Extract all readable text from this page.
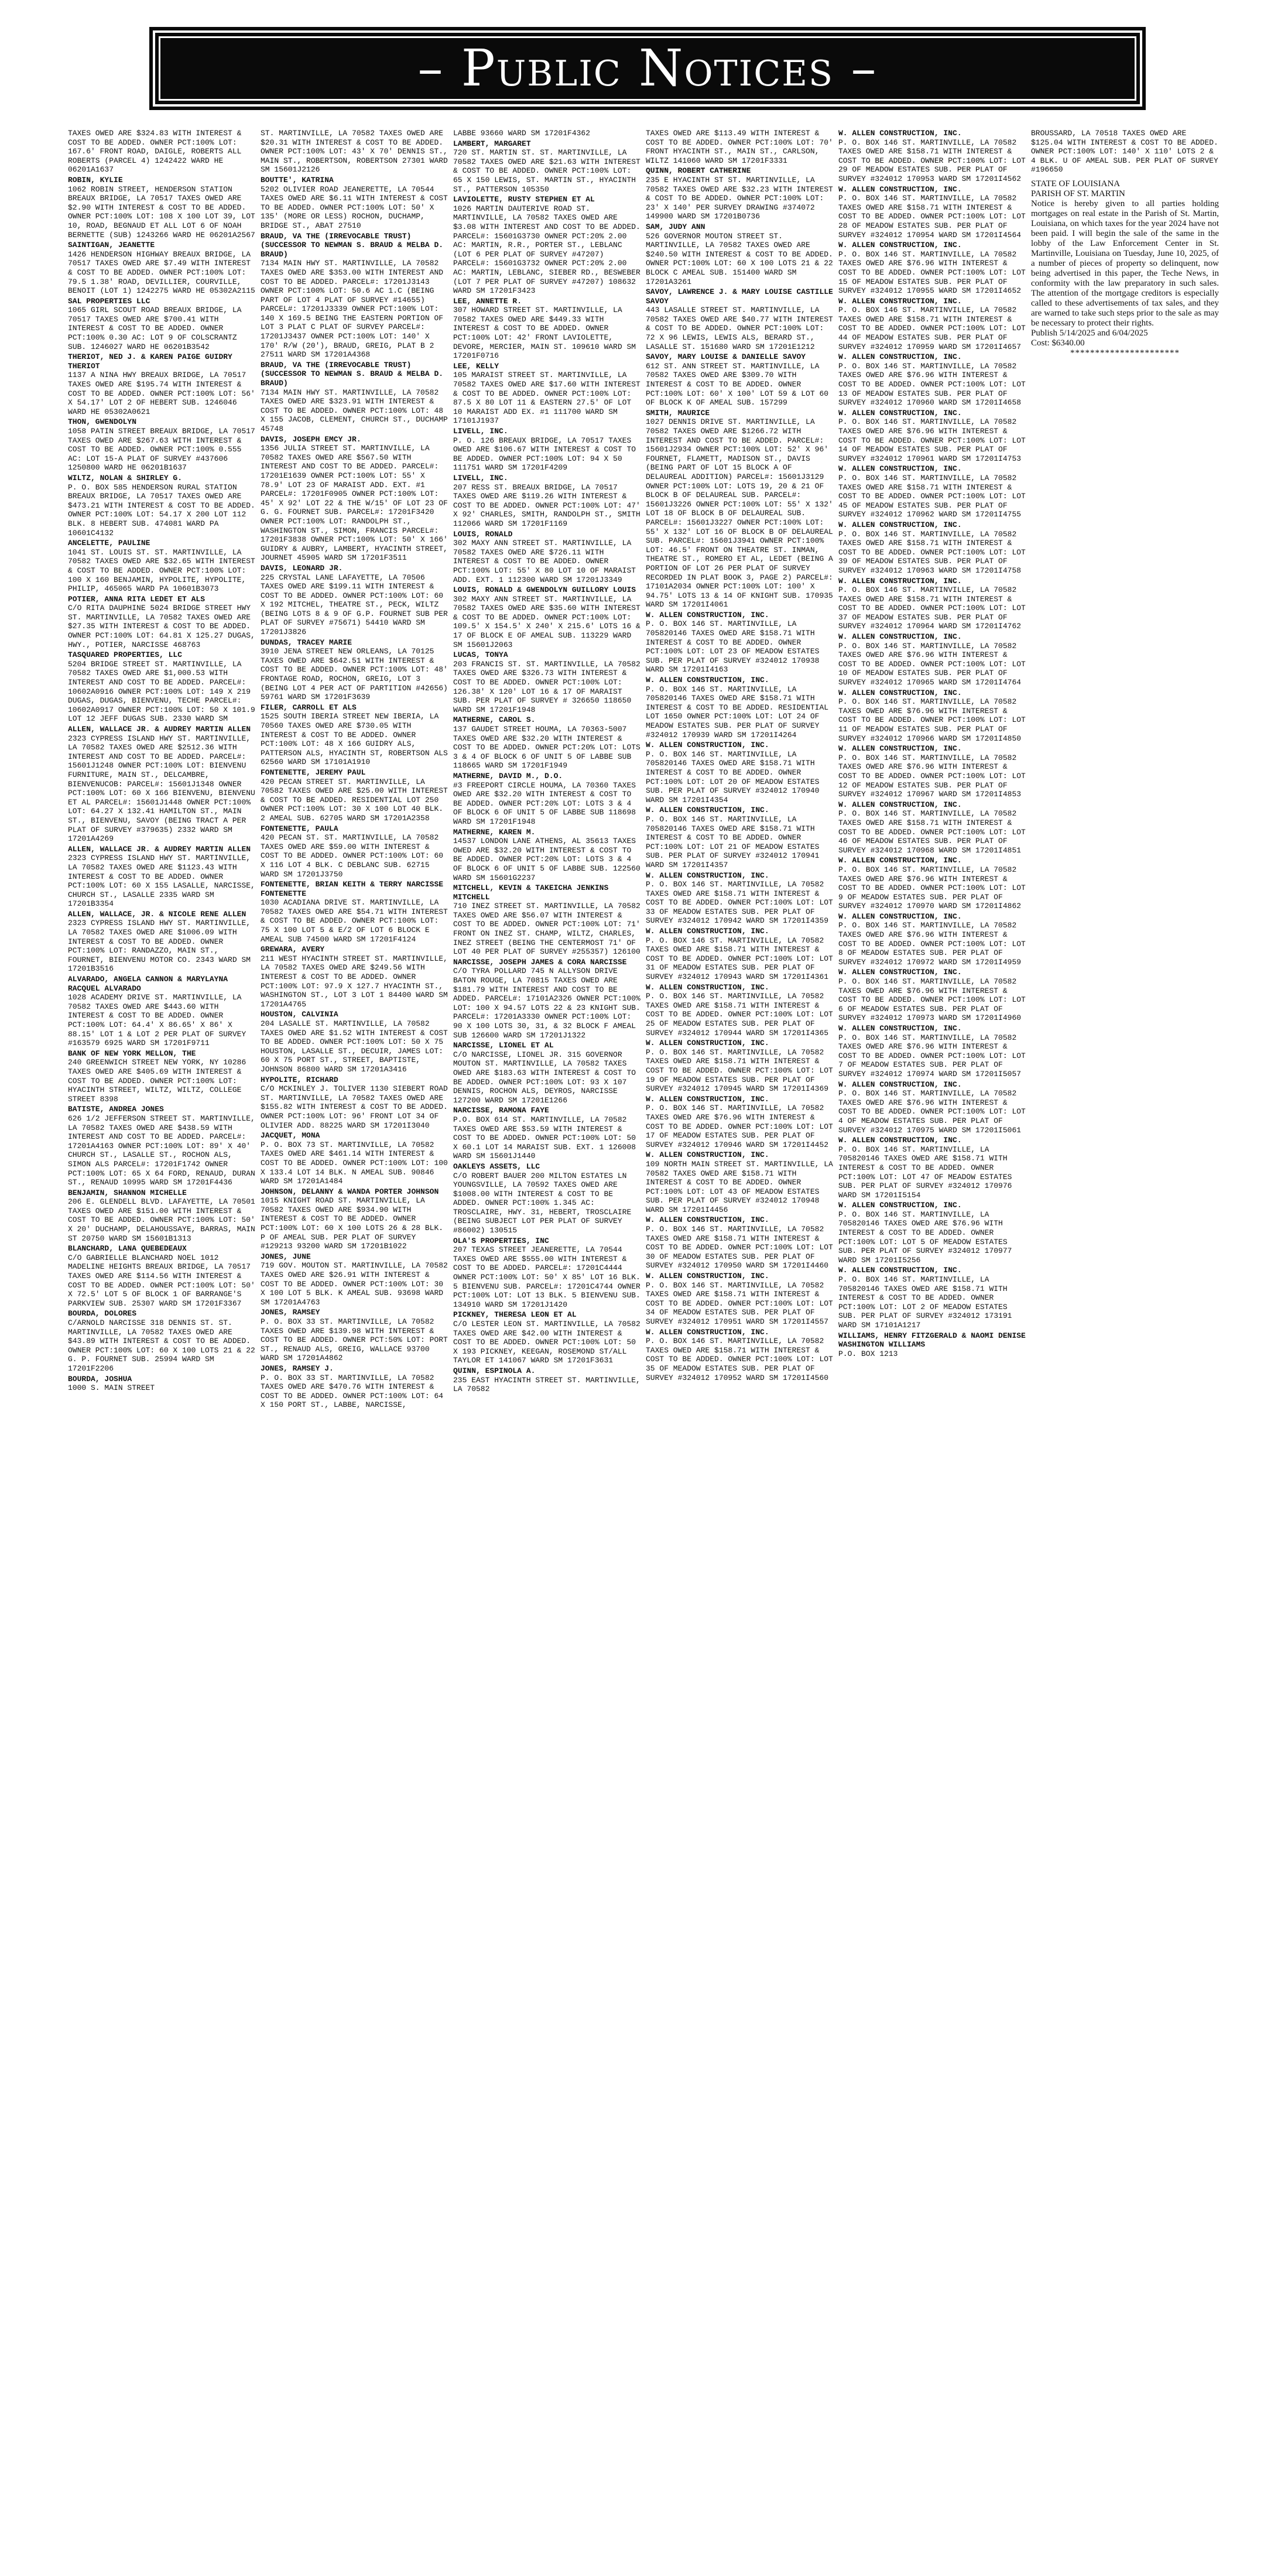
– Public Notices –
TAXES OWED ARE $324.83 WITH INTEREST & COST TO BE ADDED. OWNER PCT:100% LOT: 167.6' FRONT ROAD, DAIGLE, ROBERTS ALL ROBERTS (PARCEL 4) 1242422 WARD HE 06201A1637
ROBIN, KYLIE
1062 ROBIN STREET, HENDERSON STATION BREAUX BRIDGE, LA 70517 TAXES OWED ARE $2.90 WITH INTEREST & COST TO BE ADDED. OWNER PCT:100% LOT: 108 X 100 LOT 39, LOT 10, ROAD, BEGNAUD ET ALL LOT 6 OF NOAH BERNETTE (SUB) 1243266 WARD HE 06201A2567
SAINTIGAN, JEANETTE
1426 HENDERSON HIGHWAY BREAUX BRIDGE, LA 70517 TAXES OWED ARE $7.49 WITH INTEREST & COST TO BE ADDED. OWNER PCT:100% LOT: 79.5 1.38' ROAD, DEVILLIER, COURVILLE, BENOIT (LOT 1) 1242275 WARD HE 05302A2115
SAL PROPERTIES LLC
1065 GIRL SCOUT ROAD BREAUX BRIDGE, LA 70517 TAXES OWED ARE $700.41 WITH INTEREST & COST TO BE ADDED. OWNER PCT:100% 0.30 AC: LOT 9 OF COLSCRANTZ SUB. 1246027 WARD HE 06201B3542
THERIOT, NED J. & KAREN PAIGE GUIDRY THERIOT
1137 A NINA HWY BREAUX BRIDGE, LA 70517 TAXES OWED ARE $195.74 WITH INTEREST & COST TO BE ADDED. OWNER PCT:100% LOT: 56' X 54.17' LOT 2 OF HEBERT SUB. 1246046 WARD HE 05302A0621
THON, GWENDOLYN
1058 PATIN STREET BREAUX BRIDGE, LA 70517 TAXES OWED ARE $267.63 WITH INTEREST & COST TO BE ADDED. OWNER PCT:100% 0.555 AC: LOT 15-A PLAT OF SURVEY #437606 1250800 WARD HE 06201B1637
WILTZ, NOLAN & SHIRLEY G.
P. O. BOX 585 HENDERSON RURAL STATION BREAUX BRIDGE, LA 70517 TAXES OWED ARE $473.21 WITH INTEREST & COST TO BE ADDED. OWNER PCT:100% LOT: 54.17 X 200 LOT 112 BLK. 8 HEBERT SUB. 474081 WARD PA 10601C4132
ANCELETTE, PAULINE
1041 ST. LOUIS ST. ST. MARTINVILLE, LA 70582 TAXES OWED ARE $32.65 WITH INTEREST & COST TO BE ADDED. OWNER PCT:100% LOT: 100 X 160 BENJAMIN, HYPOLITE, HYPOLITE, PHILIP, 465065 WARD PA 10601B3073
POTIER, ANNA RITA LEDET ET ALS
C/O RITA DAUPHINE 5024 BRIDGE STREET HWY ST. MARTINVILLE, LA 70582 TAXES OWED ARE $27.35 WITH INTEREST & COST TO BE ADDED. OWNER PCT:100% LOT: 64.81 X 125.27 DUGAS, HWY., POTIER, NARCISSE 468763
TASQUARED PROPERTIES, LLC
5204 BRIDGE STREET ST. MARTINVILLE, LA 70582 TAXES OWED ARE $1,000.53 WITH INTEREST AND COST TO BE ADDED. PARCEL#: 10602A0916 OWNER PCT:100% LOT: 149 X 219 DUGAS, DUGAS, BIENVENU, TECHE PARCEL#: 10602A0917 OWNER PCT:100% LOT: 50 X 101.9 LOT 12 JEFF DUGAS SUB. 2330 WARD SM
ALLEN, WALLACE JR. & AUDREY MARTIN ALLEN
2323 CYPRESS ISLAND HWY ST. MARTINVILLE, LA 70582 TAXES OWED ARE $2512.36 WITH INTEREST AND COST TO BE ADDED. PARCEL#: 15601J1248 OWNER PCT:100% LOT: BIENVENU FURNITURE, MAIN ST., DELCAMBRE, BIENVENUCOB: PARCEL#: 15601J1348 OWNER PCT:100% LOT: 60 X 166 BIENVENU, BIENVENU ET AL PARCEL#: 15601J1448 OWNER PCT:100% LOT: 64.27 X 132.41 HAMILTON ST., MAIN ST., BIENVENU, SAVOY (BEING TRACT A PER PLAT OF SURVEY #379635) 2332 WARD SM 17201A4269
ALLEN, WALLACE JR. & AUDREY MARTIN ALLEN
2323 CYPRESS ISLAND HWY ST. MARTINVILLE, LA 70582 TAXES OWED ARE $1123.43 WITH INTEREST & COST TO BE ADDED. OWNER PCT:100% LOT: 60 X 155 LASALLE, NARCISSE, CHURCH ST., LASALLE 2335 WARD SM 17201B3354
ALLEN, WALLACE, JR. & NICOLE RENE ALLEN
2323 CYPRESS ISLAND HWY ST. MARTINVILLE, LA 70582 TAXES OWED ARE $1006.09 WITH INTEREST & COST TO BE ADDED. OWNER PCT:100% LOT: RANDAZZO, MAIN ST., FOURNET, BIENVENU MOTOR CO. 2343 WARD SM 17201B3516
ALVARADO, ANGELA CANNON & MARYLAYNA RACQUEL ALVARADO
1028 ACADEMY DRIVE ST. MARTINVILLE, LA 70582 TAXES OWED ARE $443.60 WITH INTEREST & COST TO BE ADDED. OWNER PCT:100% LOT: 64.4' X 86.65' X 86' X 88.15' LOT 1 & LOT 2 PER PLAT OF SURVEY #163579 6925 WARD SM 17201F9711
BANK OF NEW YORK MELLON, THE
240 GREENWICH STREET NEW YORK, NY 10286 TAXES OWED ARE $405.69 WITH INTEREST & COST TO BE ADDED. OWNER PCT:100% LOT: HYACINTH STREET, WILTZ, WILTZ, COLLEGE STREET 8398
BATISTE, ANDREA JONES
626 1/2 JEFFERSON STREET ST. MARTINVILLE, LA 70582 TAXES OWED ARE $438.59 WITH INTEREST AND COST TO BE ADDED. PARCEL#: 17201A4163 OWNER PCT:100% LOT: 89' X 40' CHURCH ST., LASALLE ST., ROCHON ALS, SIMON ALS PARCEL#: 17201F1742 OWNER PCT:100% LOT: 65 X 64 FORD, RENAUD, DURAN ST., RENAUD 10995 WARD SM 17201F4436
BENJAMIN, SHANNON MICHELLE
206 E. GLENDELL BLVD. LAFAYETTE, LA 70501 TAXES OWED ARE $151.00 WITH INTEREST & COST TO BE ADDED. OWNER PCT:100% LOT: 50' X 20' DUCHAMP, DELAHOUSSAYE, BARRAS, MAIN ST 20750 WARD SM 15601B1313
BLANCHARD, LANA QUEBEDEAUX
C/O GABRIELLE BLANCHARD NOEL 1012 MADELINE HEIGHTS BREAUX BRIDGE, LA 70517 TAXES OWED ARE $114.56 WITH INTEREST & COST TO BE ADDED. OWNER PCT:100% LOT: 50' X 72.5' LOT 5 OF BLOCK 1 OF BARRANGE'S PARKVIEW SUB. 25307 WARD SM 17201F3367
BOURDA, DOLORES
C/ARNOLD NARCISSE 318 DENNIS ST. ST. MARTINVILLE, LA 70582 TAXES OWED ARE $43.89 WITH INTEREST & COST TO BE ADDED. OWNER PCT:100% LOT: 60 X 100 LOTS 21 & 22 G. P. FOURNET SUB. 25994 WARD SM 17201F2206
BOURDA, JOSHUA
1000 S. MAIN STREET
ST. MARTINVILLE, LA 70582 TAXES OWED ARE $20.31 WITH INTEREST & COST TO BE ADDED. OWNER PCT:100% LOT: 43' X 70' DENNIS ST., MAIN ST., ROBERTSON, ROBERTSON 27301 WARD SM 15601J2126
BOUTTE', KATRINA
5202 OLIVIER ROAD JEANERETTE, LA 70544 TAXES OWED ARE $6.11 WITH INTEREST & COST TO BE ADDED. OWNER PCT:100% LOT: 50' X 135' (MORE OR LESS) ROCHON, DUCHAMP, BRIDGE ST., ABAT 27510
BRAUD, VA THE (IRREVOCABLE TRUST) (SUCCESSOR TO NEWMAN S. BRAUD & MELBA D. BRAUD)
7134 MAIN HWY ST. MARTINVILLE, LA 70582 TAXES OWED ARE $353.00 WITH INTEREST AND COST TO BE ADDED. PARCEL#: 17201J3143 OWNER PCT:100% LOT: 50.6 AC 1.C (BEING PART OF LOT 4 PLAT OF SURVEY #14655) PARCEL#: 17201J3339 OWNER PCT:100% LOT: 140 X 169.5 BEING THE EASTERN PORTION OF LOT 3 PLAT C PLAT OF SURVEY PARCEL#: 17201J3437 OWNER PCT:100% LOT: 140' X 170' R/W (20'), BRAUD, GREIG, PLAT B 2 27511 WARD SM 17201A4368
BRAUD, VA THE (IRREVOCABLE TRUST) (SUCCESSOR TO NEWMAN S. BRAUD & MELBA D. BRAUD)
7134 MAIN HWY ST. MARTINVILLE, LA 70582 TAXES OWED ARE $323.91 WITH INTEREST & COST TO BE ADDED. OWNER PCT:100% LOT: 48 X 155 JACOB, CLEMENT, CHURCH ST., DUCHAMP 45748
DAVIS, JOSEPH EMCY JR.
1356 JULIA STREET ST. MARTINVILLE, LA 70582 TAXES OWED ARE $567.50 WITH INTEREST AND COST TO BE ADDED. PARCEL#: 17201E1639 OWNER PCT:100% LOT: 55' X 78.9' LOT 23 OF MARAIST ADD. EXT. #1 PARCEL#: 17201F0905 OWNER PCT:100% LOT: 45' X 92' LOT 22 & THE W/15' OF LOT 23 OF G. G. FOURNET SUB. PARCEL#: 17201F3420 OWNER PCT:100% LOT: RANDOLPH ST., WASHINGTON ST., SIMON, FRANCIS PARCEL#: 17201F3838 OWNER PCT:100% LOT: 50' X 166' GUIDRY & AUBRY, LAMBERT, HYACINTH STREET, JOURNET 45905 WARD SM 17201F3511
DAVIS, LEONARD JR.
225 CRYSTAL LANE LAFAYETTE, LA 70506 TAXES OWED ARE $199.11 WITH INTEREST & COST TO BE ADDED. OWNER PCT:100% LOT: 60 X 192 MITCHEL, THEATRE ST., PECK, WILTZ (BEING LOTS 8 & 9 OF G.P. FOURNET SUB PER PLAT OF SURVEY #75671) 54410 WARD SM 17201J3826
DUNDAS, TRACEY MARIE
3910 JENA STREET NEW ORLEANS, LA 70125 TAXES OWED ARE $642.51 WITH INTEREST & COST TO BE ADDED. OWNER PCT:100% LOT: 48' FRONTAGE ROAD, ROCHON, GREIG, LOT 3 (BEING LOT 4 PER ACT OF PARTITION #42656) 59761 WARD SM 17201F3639
FILER, CARROLL ET ALS
1525 SOUTH IBERIA STREET NEW IBERIA, LA 70560 TAXES OWED ARE $730.05 WITH INTEREST & COST TO BE ADDED. OWNER PCT:100% LOT: 48 X 166 GUIDRY ALS, PATTERSON ALS, HYACINTH ST, ROBERTSON ALS 62560 WARD SM 17101A1910
FONTENETTE, JEREMY PAUL
420 PECAN STREET ST. MARTINVILLE, LA 70582 TAXES OWED ARE $25.00 WITH INTEREST & COST TO BE ADDED. RESIDENTIAL LOT 250 OWNER PCT:100% LOT: 30 X 100 LOT 40 BLK. 2 AMEAL SUB. 62705 WARD SM 17201A2358
FONTENETTE, PAULA
420 PECAN ST. ST. MARTINVILLE, LA 70582 TAXES OWED ARE $59.00 WITH INTEREST & COST TO BE ADDED. OWNER PCT:100% LOT: 60 X 116 LOT 4 BLK. C DEBLANC SUB. 62715 WARD SM 17201J3750
FONTENETTE, BRIAN KEITH & TERRY NARCISSE FONTENETTE
1030 ACADIANA DRIVE ST. MARTINVILLE, LA 70582 TAXES OWED ARE $54.71 WITH INTEREST & COST TO BE ADDED. OWNER PCT:100% LOT: 75 X 100 LOT 5 & E/2 OF LOT 6 BLOCK E AMEAL SUB 74500 WARD SM 17201F4124
GREWARA, AVERY
211 WEST HYACINTH STREET ST. MARTINVILLE, LA 70582 TAXES OWED ARE $249.56 WITH INTEREST & COST TO BE ADDED. OWNER PCT:100% LOT: 97.9 X 127.7 HYACINTH ST., WASHINGTON ST., LOT 3 LOT 1 84400 WARD SM 17201A4765
HOUSTON, CALVINIA
204 LASALLE ST. MARTINVILLE, LA 70582 TAXES OWED ARE $1.52 WITH INTEREST & COST TO BE ADDED. OWNER PCT:100% LOT: 50 X 75 HOUSTON, LASALLE ST., DECUIR, JAMES LOT: 60 X 75 PORT ST., STREET, BAPTISTE, JOHNSON 86800 WARD SM 17201A3416
HYPOLITE, RICHARD
C/O MCKINLEY J. TOLIVER 1130 SIEBERT ROAD ST. MARTINVILLE, LA 70582 TAXES OWED ARE $155.82 WITH INTEREST & COST TO BE ADDED. OWNER PCT:100% LOT: 96' FRONT LOT 34 OF OLIVIER ADD. 88225 WARD SM 17201I3040
JACQUET, MONA
P. O. BOX 73 ST. MARTINVILLE, LA 70582 TAXES OWED ARE $461.14 WITH INTEREST & COST TO BE ADDED. OWNER PCT:100% LOT: 100 X 133.4 LOT 14 BLK. N AMEAL SUB. 90846 WARD SM 17201A1484
JOHNSON, DELANNY & WANDA PORTER JOHNSON
1015 KNIGHT ROAD ST. MARTINVILLE, LA 70582 TAXES OWED ARE $934.90 WITH INTEREST & COST TO BE ADDED. OWNER PCT:100% LOT: 60 X 100 LOTS 26 & 28 BLK. P OF AMEAL SUB. PER PLAT OF SURVEY #129213 93200 WARD SM 17201B1022
JONES, JUNE
719 GOV. MOUTON ST. MARTINVILLE, LA 70582 TAXES OWED ARE $26.91 WITH INTEREST & COST TO BE ADDED. OWNER PCT:100% LOT: 30 X 100 LOT 5 BLK. K AMEAL SUB. 93698 WARD SM 17201A4763
JONES, RAMSEY
P. O. BOX 33 ST. MARTINVILLE, LA 70582 TAXES OWED ARE $139.98 WITH INTEREST & COST TO BE ADDED. OWNER PCT:50% LOT: PORT ST., RENAUD ALS, GREIG, WALLACE 93700 WARD SM 17201A4862
JONES, RAMSEY J.
P. O. BOX 33 ST. MARTINVILLE, LA 70582 TAXES OWED ARE $470.76 WITH INTEREST & COST TO BE ADDED. OWNER PCT:100% LOT: 64 X 150 PORT ST., LABBE, NARCISSE,
LABBE 93660 WARD SM 17201F4362
LAMBERT, MARGARET
720 ST. MARTIN ST. ST. MARTINVILLE, LA 70582 TAXES OWED ARE $21.63 WITH INTEREST & COST TO BE ADDED. OWNER PCT:100% LOT: 65 X 150 LEWIS, ST. MARTIN ST., HYACINTH ST., PATTERSON 105350
LAVIOLETTE, RUSTY STEPHEN ET AL
1026 MARTIN DAUTERIVE ROAD ST. MARTINVILLE, LA 70582 TAXES OWED ARE $3.08 WITH INTEREST AND COST TO BE ADDED. PARCEL#: 15601G3730 OWNER PCT:20% 2.00 AC: MARTIN, R.R., PORTER ST., LEBLANC (LOT 6 PER PLAT OF SURVEY #47207) PARCEL#: 15601G3732 OWNER PCT:20% 2.00 AC: MARTIN, LEBLANC, SIEBER RD., BESWEBER (LOT 7 PER PLAT OF SURVEY #47207) 108632 WARD SM 17201F3423
LEE, ANNETTE R.
307 HOWARD STREET ST. MARTINVILLE, LA 70582 TAXES OWED ARE $449.33 WITH INTEREST & COST TO BE ADDED. OWNER PCT:100% LOT: 42' FRONT LAVIOLETTE, DEVORE, MERCIER, MAIN ST. 109610 WARD SM 17201F0716
LEE, KELLY
105 MARAIST STREET ST. MARTINVILLE, LA 70582 TAXES OWED ARE $17.60 WITH INTEREST & COST TO BE ADDED. OWNER PCT:100% LOT: 87.5 X 80 LOT 11 & EASTERN 27.5' OF LOT 10 MARAIST ADD EX. #1 111700 WARD SM 17101J1937
LIVELL, INC.
P. O. 126 BREAUX BRIDGE, LA 70517 TAXES OWED ARE $106.67 WITH INTEREST & COST TO BE ADDED. OWNER PCT:100% LOT: 94 X 50 111751 WARD SM 17201F4209
LIVELL, INC.
207 RESS ST. BREAUX BRIDGE, LA 70517 TAXES OWED ARE $119.26 WITH INTEREST & COST TO BE ADDED. OWNER PCT:100% LOT: 47' X 92' CHARLES, SMITH, RANDOLPH ST., SMITH 112066 WARD SM 17201F1169
LOUIS, RONALD
302 MAXY ANN STREET ST. MARTINVILLE, LA 70582 TAXES OWED ARE $726.11 WITH INTEREST & COST TO BE ADDED. OWNER PCT:100% LOT: 55' X 80 LOT 10 OF MARAIST ADD. EXT. 1 112300 WARD SM 17201J3349
LOUIS, RONALD & GWENDOLYN GUILLORY LOUIS
302 MAXY ANN STREET ST. MARTINVILLE, LA 70582 TAXES OWED ARE $35.60 WITH INTEREST & COST TO BE ADDED. OWNER PCT:100% LOT: 109.5' X 154.5' X 240' X 215.6' LOTS 16 & 17 OF BLOCK E OF AMEAL SUB. 113229 WARD SM 15601J2063
LUCAS, TONYA
203 FRANCIS ST. ST. MARTINVILLE, LA 70582 TAXES OWED ARE $326.73 WITH INTEREST & COST TO BE ADDED. OWNER PCT:100% LOT: 126.38' X 120' LOT 16 & 17 OF MARAIST SUB. PER PLAT OF SURVEY # 326650 118650 WARD SM 17201F1948
MATHERNE, CAROL S.
137 GAUDET STREET HOUMA, LA 70363-5007 TAXES OWED ARE $32.20 WITH INTEREST & COST TO BE ADDED. OWNER PCT:20% LOT: LOTS 3 & 4 OF BLOCK 6 OF UNIT 5 OF LABBE SUB 118665 WARD SM 17201F1949
MATHERNE, DAVID M., D.O.
#3 FREEPORT CIRCLE HOUMA, LA 70360 TAXES OWED ARE $32.20 WITH INTEREST & COST TO BE ADDED. OWNER PCT:20% LOT: LOTS 3 & 4 OF BLOCK 6 OF UNIT 5 OF LABBE SUB 118698 WARD SM 17201F1948
MATHERNE, KAREN M.
14537 LONDON LANE ATHENS, AL 35613 TAXES OWED ARE $32.20 WITH INTEREST & COST TO BE ADDED. OWNER PCT:20% LOT: LOTS 3 & 4 OF BLOCK 6 OF UNIT 5 OF LABBE SUB. 122560 WARD SM 15601G2237
MITCHELL, KEVIN & TAKEICHA JENKINS MITCHELL
710 INEZ STREET ST. MARTINVILLE, LA 70582 TAXES OWED ARE $56.07 WITH INTEREST & COST TO BE ADDED. OWNER PCT:100% LOT: 71' FRONT ON INEZ ST. CHAMP, WILTZ, CHARLES, INEZ STREET (BEING THE CENTERMOST 71' OF LOT 40 PER PLAT OF SURVEY #255357) 126100
NARCISSE, JOSEPH JAMES & CORA NARCISSE
C/O TYRA POLLARD 745 N ALLYSON DRIVE BATON ROUGE, LA 70815 TAXES OWED ARE $181.79 WITH INTEREST AND COST TO BE ADDED. PARCEL#: 17101A2326 OWNER PCT:100% LOT: 100 X 94.57 LOTS 22 & 23 KNIGHT SUB. PARCEL#: 17201A3330 OWNER PCT:100% LOT: 90 X 100 LOTS 30, 31, & 32 BLOCK F AMEAL SUB 126600 WARD SM 17201J1322
NARCISSE, LIONEL ET AL
C/O NARCISSE, LIONEL JR. 315 GOVERNOR MOUTON ST. MARTINVILLE, LA 70582 TAXES OWED ARE $183.63 WITH INTEREST & COST TO BE ADDED. OWNER PCT:100% LOT: 93 X 107 DENNIS, ROCHON ALS, DEYROS, NARCISSE 127200 WARD SM 17201E1266
NARCISSE, RAMONA FAYE
P.O. BOX 614 ST. MARTINVILLE, LA 70582 TAXES OWED ARE $53.59 WITH INTEREST & COST TO BE ADDED. OWNER PCT:100% LOT: 50 X 60.1 LOT 14 MARAIST SUB. EXT. 1 126008 WARD SM 15601J1440
OAKLEYS ASSETS, LLC
C/O ROBERT BAUER 200 MILTON ESTATES LN YOUNGSVILLE, LA 70592 TAXES OWED ARE $1008.00 WITH INTEREST & COST TO BE ADDED. OWNER PCT:100% 1.345 AC: TROSCLAIRE, HWY. 31, HEBERT, TROSCLAIRE (BEING SUBJECT LOT PER PLAT OF SURVEY #86002) 130515
OLA'S PROPERTIES, INC
207 TEXAS STREET JEANERETTE, LA 70544 TAXES OWED ARE $555.00 WITH INTEREST & COST TO BE ADDED. PARCEL#: 17201C4444 OWNER PCT:100% LOT: 50' X 85' LOT 16 BLK. 5 BIENVENU SUB. PARCEL#: 17201C4744 OWNER PCT:100% LOT: LOT 13 BLK. 5 BIENVENU SUB. 134910 WARD SM 17201J1420
PICKNEY, THERESA LEON ET AL
C/O LESTER LEON ST. MARTINVILLE, LA 70582 TAXES OWED ARE $42.00 WITH INTEREST & COST TO BE ADDED. OWNER PCT:100% LOT: 50 X 193 PICKNEY, KEEGAN, ROSEMOND ST/ALL TAYLOR ET 141067 WARD SM 17201F3631
QUINN, ESPINOLA A.
235 EAST HYACINTH STREET ST. MARTINVILLE, LA 70582
TAXES OWED ARE $113.49 WITH INTEREST & COST TO BE ADDED. OWNER PCT:100% LOT: 70' FRONT HYACINTH ST., MAIN ST., CARLSON, WILTZ 141060 WARD SM 17201F3331
QUINN, ROBERT CATHERINE
235 E HYACINTH ST ST. MARTINVILLE, LA 70582 TAXES OWED ARE $32.23 WITH INTEREST & COST TO BE ADDED. OWNER PCT:100% LOT: 23' X 140' PER SURVEY DRAWING #374072 149900 WARD SM 17201B0736
SAM, JUDY ANN
526 GOVERNOR MOUTON STREET ST. MARTINVILLE, LA 70582 TAXES OWED ARE $240.50 WITH INTEREST & COST TO BE ADDED. OWNER PCT:100% LOT: 60 X 100 LOTS 21 & 22 BLOCK C AMEAL SUB. 151400 WARD SM 17201A3261
SAVOY, LAWRENCE J. & MARY LOUISE CASTILLE SAVOY
443 LASALLE STREET ST. MARTINVILLE, LA 70582 TAXES OWED ARE $40.77 WITH INTEREST & COST TO BE ADDED. OWNER PCT:100% LOT: 72 X 96 LEWIS, LEWIS ALS, BERARD ST., LASALLE ST. 151680 WARD SM 17201E1212
SAVOY, MARY LOUISE & DANIELLE SAVOY
612 ST. ANN STREET ST. MARTINVILLE, LA 70582 TAXES OWED ARE $309.70 WITH INTEREST & COST TO BE ADDED. OWNER PCT:100% LOT: 60' X 100' LOT 59 & LOT 60 OF BLOCK K OF AMEAL SUB. 157299
SMITH, MAURICE
1027 DENNIS DRIVE ST. MARTINVILLE, LA 70582 TAXES OWED ARE $1266.72 WITH INTEREST AND COST TO BE ADDED. PARCEL#: 15601J2934 OWNER PCT:100% LOT: 52' X 96' FOURNET, FLAMETT, MADISON ST., DAVIS (BEING PART OF LOT 15 BLOCK A OF DELAUREAL ADDITION) PARCEL#: 15601J3129 OWNER PCT:100% LOT: LOTS 19, 20 & 21 OF BLOCK B OF DELAUREAL SUB. PARCEL#: 15601J3226 OWNER PCT:100% LOT: 55' X 132' LOT 18 OF BLOCK B OF DELAUREAL SUB. PARCEL#: 15601J3227 OWNER PCT:100% LOT: 55' X 132' LOT 16 OF BLOCK B OF DELAUREAL SUB. PARCEL#: 15601J3941 OWNER PCT:100% LOT: 46.5' FRONT ON THEATRE ST. INMAN, THEATRE ST., ROMERO ET AL, LEDET (BEING A PORTION OF LOT 26 PER PLAT OF SURVEY RECORDED IN PLAT BOOK 3, PAGE 2) PARCEL#: 17101A2034 OWNER PCT:100% LOT: 100' X 94.75' LOTS 13 & 14 OF KNIGHT SUB. 170935 WARD SM 17201I4061
W. ALLEN CONSTRUCTION, INC.
P. O. BOX 146 ST. MARTINVILLE, LA 705820146 TAXES OWED ARE $158.71 WITH INTEREST & COST TO BE ADDED. OWNER PCT:100% LOT: LOT 23 OF MEADOW ESTATES SUB. PER PLAT OF SURVEY #324012 170938 WARD SM 17201I4163
W. ALLEN CONSTRUCTION, INC.
P. O. BOX 146 ST. MARTINVILLE, LA 705820146 TAXES OWED ARE $158.71 WITH INTEREST & COST TO BE ADDED. RESIDENTIAL LOT 1650 OWNER PCT:100% LOT: LOT 24 OF MEADOW ESTATES SUB. PER PLAT OF SURVEY #324012 170939 WARD SM 17201I4264
W. ALLEN CONSTRUCTION, INC.
P. O. BOX 146 ST. MARTINVILLE, LA 705820146 TAXES OWED ARE $158.71 WITH INTEREST & COST TO BE ADDED. OWNER PCT:100% LOT: LOT 20 OF MEADOW ESTATES SUB. PER PLAT OF SURVEY #324012 170940 WARD SM 17201I4354
W. ALLEN CONSTRUCTION, INC.
P. O. BOX 146 ST. MARTINVILLE, LA 705820146 TAXES OWED ARE $158.71 WITH INTEREST & COST TO BE ADDED. OWNER PCT:100% LOT: LOT 21 OF MEADOW ESTATES SUB. PER PLAT OF SURVEY #324012 170941 WARD SM 17201I4357
W. ALLEN CONSTRUCTION, INC.
P. O. BOX 146 ST. MARTINVILLE, LA 70582 TAXES OWED ARE $158.71 WITH INTEREST & COST TO BE ADDED. OWNER PCT:100% LOT: LOT 33 OF MEADOW ESTATES SUB. PER PLAT OF SURVEY #324012 170942 WARD SM 17201I4359
W. ALLEN CONSTRUCTION, INC.
P. O. BOX 146 ST. MARTINVILLE, LA 70582 TAXES OWED ARE $158.71 WITH INTEREST & COST TO BE ADDED. OWNER PCT:100% LOT: LOT 31 OF MEADOW ESTATES SUB. PER PLAT OF SURVEY #324012 170943 WARD SM 17201I4361
W. ALLEN CONSTRUCTION, INC.
P. O. BOX 146 ST. MARTINVILLE, LA 70582 TAXES OWED ARE $158.71 WITH INTEREST & COST TO BE ADDED. OWNER PCT:100% LOT: LOT 25 OF MEADOW ESTATES SUB. PER PLAT OF SURVEY #324012 170944 WARD SM 17201I4365
W. ALLEN CONSTRUCTION, INC.
P. O. BOX 146 ST. MARTINVILLE, LA 70582 TAXES OWED ARE $158.71 WITH INTEREST & COST TO BE ADDED. OWNER PCT:100% LOT: LOT 19 OF MEADOW ESTATES SUB. PER PLAT OF SURVEY #324012 170945 WARD SM 17201I4369
W. ALLEN CONSTRUCTION, INC.
P. O. BOX 146 ST. MARTINVILLE, LA 70582 TAXES OWED ARE $76.96 WITH INTEREST & COST TO BE ADDED. OWNER PCT:100% LOT: LOT 17 OF MEADOW ESTATES SUB. PER PLAT OF SURVEY #324012 170946 WARD SM 17201I4452
W. ALLEN CONSTRUCTION, INC.
109 NORTH MAIN STREET ST. MARTINVILLE, LA 70582 TAXES OWED ARE $158.71 WITH INTEREST & COST TO BE ADDED. OWNER PCT:100% LOT: LOT 43 OF MEADOW ESTATES SUB. PER PLAT OF SURVEY #324012 170948 WARD SM 17201I4456
W. ALLEN CONSTRUCTION, INC.
P. O. BOX 146 ST. MARTINVILLE, LA 70582 TAXES OWED ARE $158.71 WITH INTEREST & COST TO BE ADDED. OWNER PCT:100% LOT: LOT 30 OF MEADOW ESTATES SUB. PER PLAT OF SURVEY #324012 170950 WARD SM 17201I4460
W. ALLEN CONSTRUCTION, INC.
P. O. BOX 146 ST. MARTINVILLE, LA 70582 TAXES OWED ARE $158.71 WITH INTEREST & COST TO BE ADDED. OWNER PCT:100% LOT: LOT 34 OF MEADOW ESTATES SUB. PER PLAT OF SURVEY #324012 170951 WARD SM 17201I4557
W. ALLEN CONSTRUCTION, INC.
P. O. BOX 146 ST. MARTINVILLE, LA 70582 TAXES OWED ARE $158.71 WITH INTEREST & COST TO BE ADDED. OWNER PCT:100% LOT: LOT 35 OF MEADOW ESTATES SUB. PER PLAT OF SURVEY #324012 170952 WARD SM 17201I4560
W. ALLEN CONSTRUCTION, INC.
P. O. BOX 146 ST. MARTINVILLE, LA 70582 TAXES OWED ARE $158.71 WITH INTEREST & COST TO BE ADDED. OWNER PCT:100% LOT: LOT 29 OF MEADOW ESTATES SUB. PER PLAT OF SURVEY #324012 170953 WARD SM 17201I4562
W. ALLEN CONSTRUCTION, INC.
P. O. BOX 146 ST. MARTINVILLE, LA 70582 TAXES OWED ARE $158.71 WITH INTEREST & COST TO BE ADDED. OWNER PCT:100% LOT: LOT 28 OF MEADOW ESTATES SUB. PER PLAT OF SURVEY #324012 170954 WARD SM 17201I4564
W. ALLEN CONSTRUCTION, INC.
P. O. BOX 146 ST. MARTINVILLE, LA 70582 TAXES OWED ARE $76.96 WITH INTEREST & COST TO BE ADDED. OWNER PCT:100% LOT: LOT 15 OF MEADOW ESTATES SUB. PER PLAT OF SURVEY #324012 170955 WARD SM 17201I4652
W. ALLEN CONSTRUCTION, INC.
P. O. BOX 146 ST. MARTINVILLE, LA 70582 TAXES OWED ARE $158.71 WITH INTEREST & COST TO BE ADDED. OWNER PCT:100% LOT: LOT 44 OF MEADOW ESTATES SUB. PER PLAT OF SURVEY #324012 170959 WARD SM 17201I4657
W. ALLEN CONSTRUCTION, INC.
P. O. BOX 146 ST. MARTINVILLE, LA 70582 TAXES OWED ARE $76.96 WITH INTEREST & COST TO BE ADDED. OWNER PCT:100% LOT: LOT 13 OF MEADOW ESTATES SUB. PER PLAT OF SURVEY #324012 170960 WARD SM 17201I4658
W. ALLEN CONSTRUCTION, INC.
P. O. BOX 146 ST. MARTINVILLE, LA 70582 TAXES OWED ARE $76.96 WITH INTEREST & COST TO BE ADDED. OWNER PCT:100% LOT: LOT 14 OF MEADOW ESTATES SUB. PER PLAT OF SURVEY #324012 170961 WARD SM 17201I4753
W. ALLEN CONSTRUCTION, INC.
P. O. BOX 146 ST. MARTINVILLE, LA 70582 TAXES OWED ARE $158.71 WITH INTEREST & COST TO BE ADDED. OWNER PCT:100% LOT: LOT 45 OF MEADOW ESTATES SUB. PER PLAT OF SURVEY #324012 170962 WARD SM 17201I4755
W. ALLEN CONSTRUCTION, INC.
P. O. BOX 146 ST. MARTINVILLE, LA 70582 TAXES OWED ARE $158.71 WITH INTEREST & COST TO BE ADDED. OWNER PCT:100% LOT: LOT 39 OF MEADOW ESTATES SUB. PER PLAT OF SURVEY #324012 170963 WARD SM 17201I4758
W. ALLEN CONSTRUCTION, INC.
P. O. BOX 146 ST. MARTINVILLE, LA 70582 TAXES OWED ARE $158.71 WITH INTEREST & COST TO BE ADDED. OWNER PCT:100% LOT: LOT 37 OF MEADOW ESTATES SUB. PER PLAT OF SURVEY #324012 170964 WARD SM 17201I4762
W. ALLEN CONSTRUCTION, INC.
P. O. BOX 146 ST. MARTINVILLE, LA 70582 TAXES OWED ARE $76.96 WITH INTEREST & COST TO BE ADDED. OWNER PCT:100% LOT: LOT 10 OF MEADOW ESTATES SUB. PER PLAT OF SURVEY #324012 170965 WARD SM 17201I4764
W. ALLEN CONSTRUCTION, INC.
P. O. BOX 146 ST. MARTINVILLE, LA 70582 TAXES OWED ARE $76.96 WITH INTEREST & COST TO BE ADDED. OWNER PCT:100% LOT: LOT 11 OF MEADOW ESTATES SUB. PER PLAT OF SURVEY #324012 170966 WARD SM 17201I4850
W. ALLEN CONSTRUCTION, INC.
P. O. BOX 146 ST. MARTINVILLE, LA 70582 TAXES OWED ARE $76.96 WITH INTEREST & COST TO BE ADDED. OWNER PCT:100% LOT: LOT 12 OF MEADOW ESTATES SUB. PER PLAT OF SURVEY #324012 170967 WARD SM 17201I4853
W. ALLEN CONSTRUCTION, INC.
P. O. BOX 146 ST. MARTINVILLE, LA 70582 TAXES OWED ARE $158.71 WITH INTEREST & COST TO BE ADDED. OWNER PCT:100% LOT: LOT 46 OF MEADOW ESTATES SUB. PER PLAT OF SURVEY #324012 170968 WARD SM 17201I4851
W. ALLEN CONSTRUCTION, INC.
P. O. BOX 146 ST. MARTINVILLE, LA 70582 TAXES OWED ARE $76.96 WITH INTEREST & COST TO BE ADDED. OWNER PCT:100% LOT: LOT 9 OF MEADOW ESTATES SUB. PER PLAT OF SURVEY #324012 170970 WARD SM 17201I4862
W. ALLEN CONSTRUCTION, INC.
P. O. BOX 146 ST. MARTINVILLE, LA 70582 TAXES OWED ARE $76.96 WITH INTEREST & COST TO BE ADDED. OWNER PCT:100% LOT: LOT 8 OF MEADOW ESTATES SUB. PER PLAT OF SURVEY #324012 170972 WARD SM 17201I4959
W. ALLEN CONSTRUCTION, INC.
P. O. BOX 146 ST. MARTINVILLE, LA 70582 TAXES OWED ARE $76.96 WITH INTEREST & COST TO BE ADDED. OWNER PCT:100% LOT: LOT 6 OF MEADOW ESTATES SUB. PER PLAT OF SURVEY #324012 170973 WARD SM 17201I4960
W. ALLEN CONSTRUCTION, INC.
P. O. BOX 146 ST. MARTINVILLE, LA 70582 TAXES OWED ARE $76.96 WITH INTEREST & COST TO BE ADDED. OWNER PCT:100% LOT: LOT 7 OF MEADOW ESTATES SUB. PER PLAT OF SURVEY #324012 170974 WARD SM 17201I5057
W. ALLEN CONSTRUCTION, INC.
P. O. BOX 146 ST. MARTINVILLE, LA 70582 TAXES OWED ARE $76.96 WITH INTEREST & COST TO BE ADDED. OWNER PCT:100% LOT: LOT 4 OF MEADOW ESTATES SUB. PER PLAT OF SURVEY #324012 170975 WARD SM 17201I5061
W. ALLEN CONSTRUCTION, INC.
P. O. BOX 146 ST. MARTINVILLE, LA 705820146 TAXES OWED ARE $158.71 WITH INTEREST & COST TO BE ADDED. OWNER PCT:100% LOT: LOT 47 OF MEADOW ESTATES SUB. PER PLAT OF SURVEY #324012 170976 WARD SM 17201I5154
W. ALLEN CONSTRUCTION, INC.
P. O. BOX 146 ST. MARTINVILLE, LA 705820146 TAXES OWED ARE $76.96 WITH INTEREST & COST TO BE ADDED. OWNER PCT:100% LOT: LOT 5 OF MEADOW ESTATES SUB. PER PLAT OF SURVEY #324012 170977 WARD SM 17201I5256
W. ALLEN CONSTRUCTION, INC.
P. O. BOX 146 ST. MARTINVILLE, LA 705820146 TAXES OWED ARE $158.71 WITH INTEREST & COST TO BE ADDED. OWNER PCT:100% LOT: LOT 2 OF MEADOW ESTATES SUB. PER PLAT OF SURVEY #324012 173191 WARD SM 17101A1217
WILLIAMS, HENRY FITZGERALD & NAOMI DENISE WASHINGTON WILLIAMS
P.O. BOX 1213
BROUSSARD, LA 70518 TAXES OWED ARE $125.04 WITH INTEREST & COST TO BE ADDED. OWNER PCT:100% LOT: 140' X 110' LOTS 2 & 4 BLK. U OF AMEAL SUB. PER PLAT OF SURVEY #196650
STATE OF LOUISIANA
PARISH OF ST. MARTIN
Notice is hereby given to all parties holding mortgages on real estate in the Parish of St. Martin, Louisiana, on which taxes for the year 2024 have not been paid. I will begin the sale of the same in the lobby of the Law Enforcement Center in St. Martinville, Louisiana on Tuesday, June 10, 2025, of a number of pieces of property so delinquent, now being advertised in this paper, the Teche News, in conformity with the law preparatory in such sales. The attention of the mortgage creditors is especially called to these advertisements of tax sales, and they are warned to take such steps prior to the sale as may be necessary to protect their rights.
Publish 5/14/2025 and 6/04/2025
Cost: $6340.00
**********************
